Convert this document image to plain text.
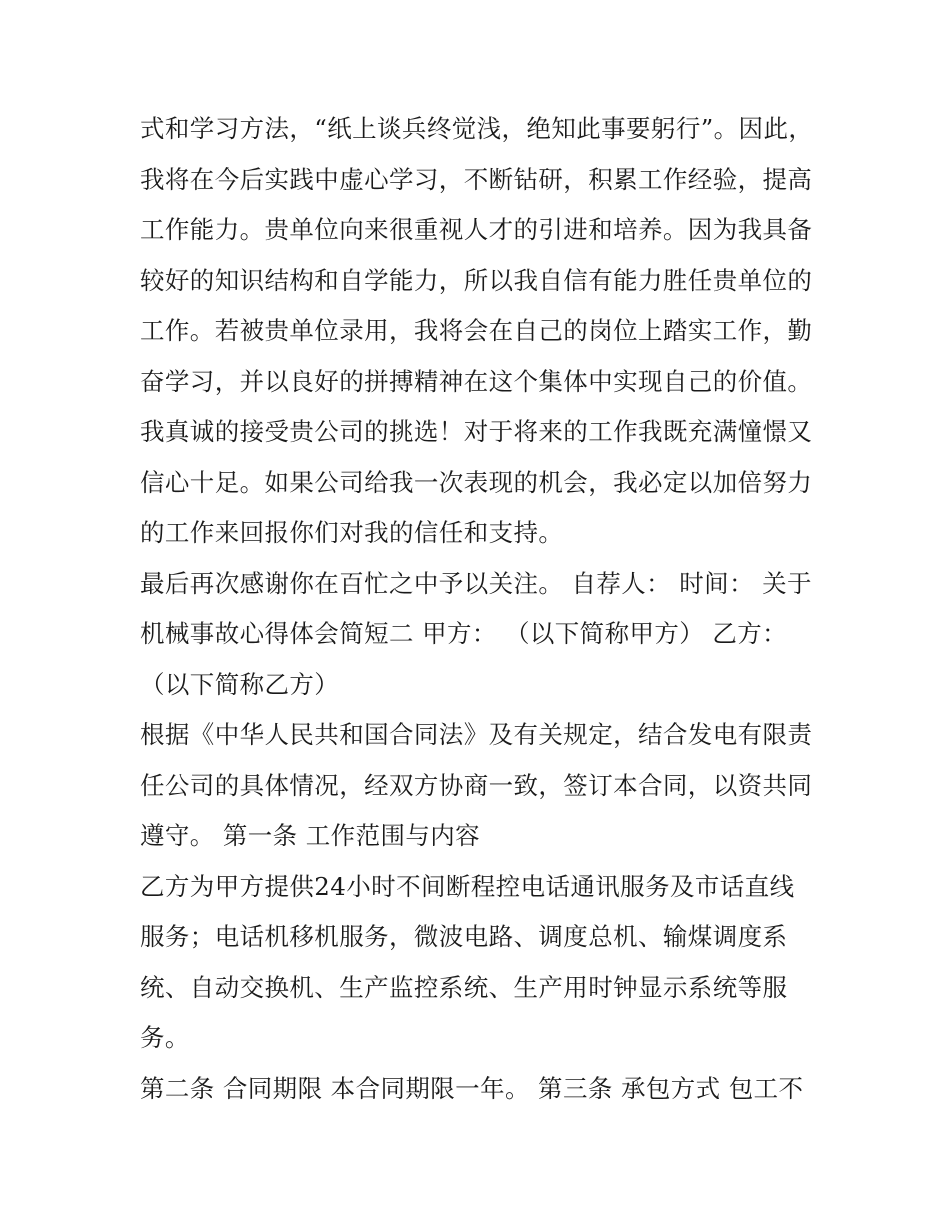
式和学习方法，“纸上谈兵终觉浅，绝知此事要躬行”。因此，
我将在今后实践中虚心学习，不断钻研，积累工作经验，提高
工作能力。贵单位向来很重视人才的引进和培养。因为我具备
较好的知识结构和自学能力，所以我自信有能力胜任贵单位的
工作。若被贵单位录用，我将会在自己的岗位上踏实工作，勤
奋学习，并以良好的拼搏精神在这个集体中实现自己的价值。
我真诚的接受贵公司的挑选！对于将来的工作我既充满憧憬又
信心十足。如果公司给我一次表现的机会，我必定以加倍努力
的工作来回报你们对我的信任和支持。
最后再次感谢你在百忙之中予以关注。 自荐人： 时间： 关于
机械事故心得体会简短二 甲方： （以下简称甲方） 乙方：
（以下简称乙方）
根据《中华人民共和国合同法》及有关规定，结合发电有限责
任公司的具体情况，经双方协商一致，签订本合同，以资共同
遵守。 第一条 工作范围与内容
乙方为甲方提供24小时不间断程控电话通讯服务及市话直线
服务；电话机移机服务，微波电路、调度总机、输煤调度系
统、自动交换机、生产监控系统、生产用时钟显示系统等服
务。
第二条 合同期限 本合同期限一年。 第三条 承包方式 包工不
